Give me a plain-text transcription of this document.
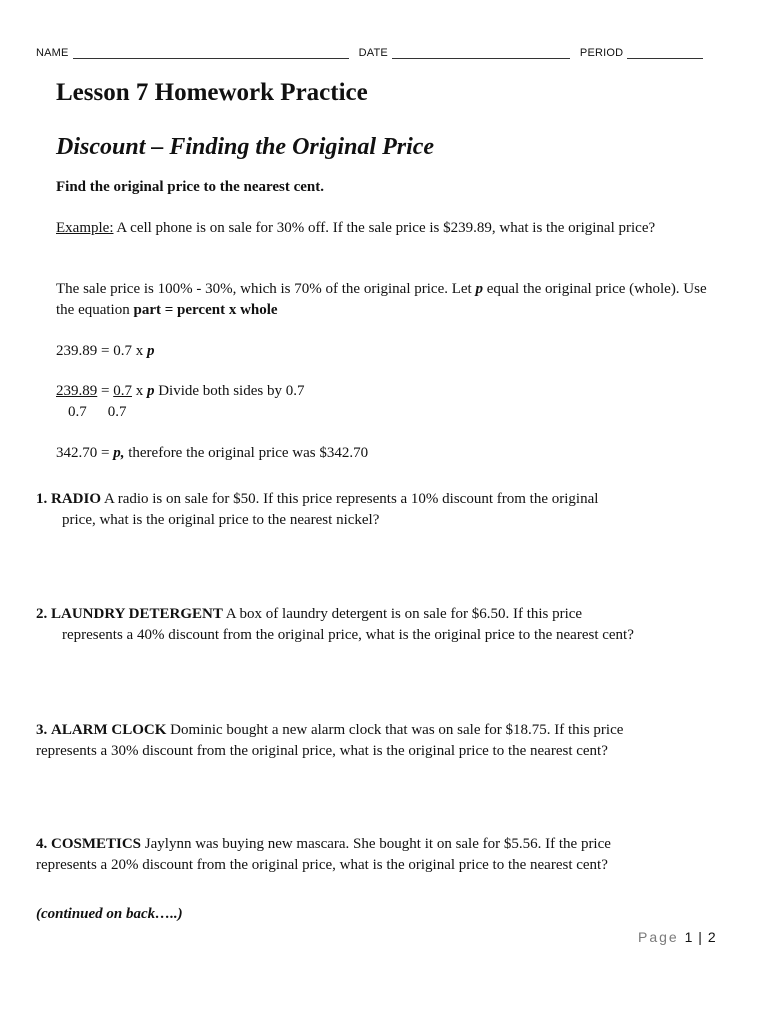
NAME	DATE	PERIOD
Lesson 7 Homework Practice
Discount – Finding the Original Price
Find the original price to the nearest cent.
Example: A cell phone is on sale for 30% off. If the sale price is $239.89, what is the original price?
The sale price is 100% - 30%, which is 70% of the original price. Let p equal the original price (whole). Use the equation part = percent x whole
239.89 = 0.7 x p
239.89 = 0.7 x p Divide both sides by 0.7
0.7 0.7
342.70 = p, therefore the original price was $342.70
1. RADIO A radio is on sale for $50. If this price represents a 10% discount from the original
price, what is the original price to the nearest nickel?
2. LAUNDRY DETERGENT A box of laundry detergent is on sale for $6.50. If this price
represents a 40% discount from the original price, what is the original price to the nearest cent?
3. ALARM CLOCK Dominic bought a new alarm clock that was on sale for $18.75. If this price
represents a 30% discount from the original price, what is the original price to the nearest cent?
4. COSMETICS Jaylynn was buying new mascara. She bought it on sale for $5.56. If the price
represents a 20% discount from the original price, what is the original price to the nearest cent?
(continued on back…..)
Page 1 | 2
